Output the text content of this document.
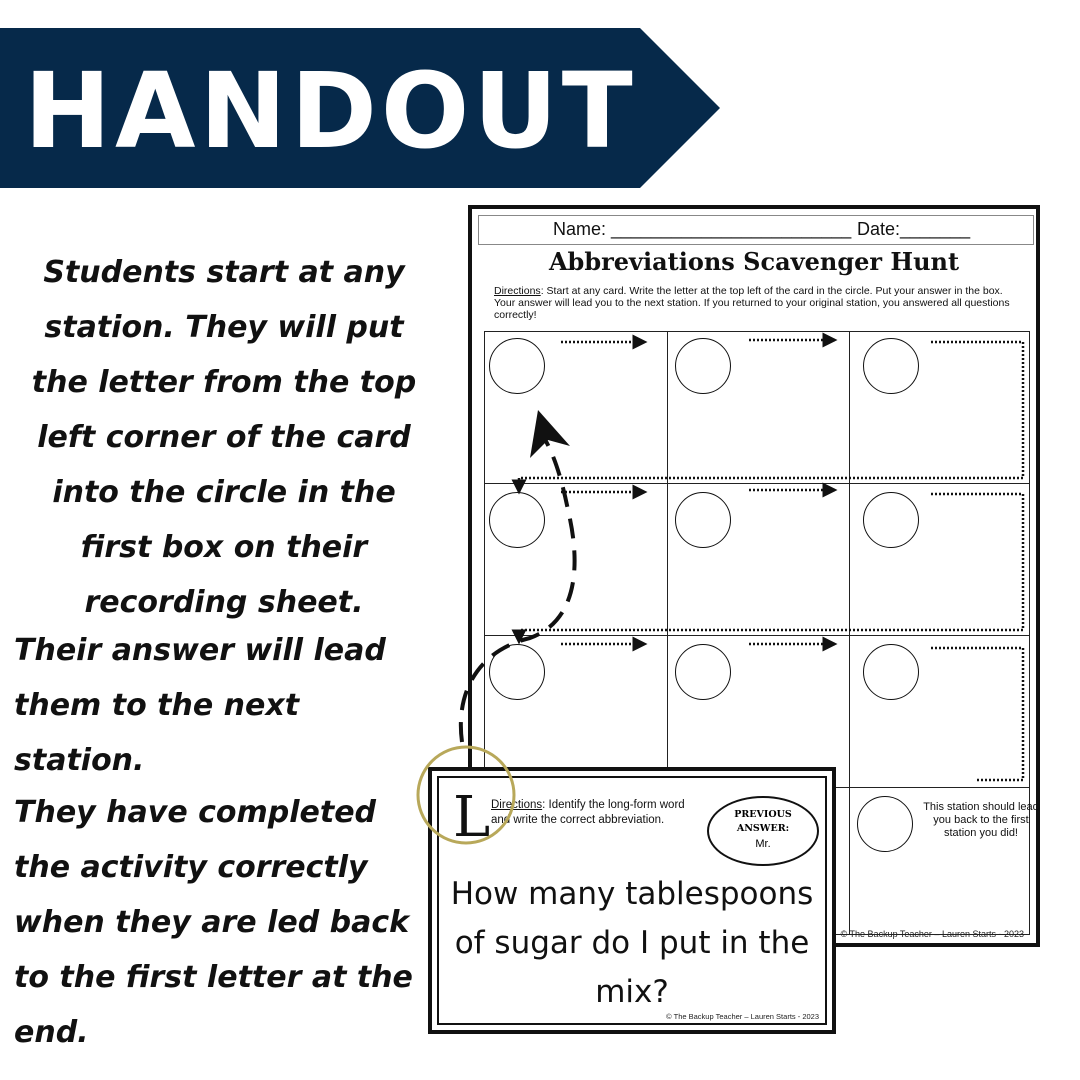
HANDOUT
Students start at any station. They will put the letter from the top left corner of the card into the circle in the first box on their recording sheet.
Their answer will lead them to the next station.
They have completed the activity correctly when they are led back to the first letter at the end.
Name: ________________________ Date:_______
Abbreviations Scavenger Hunt
Directions: Start at any card. Write the letter at the top left of the card in the circle. Put your answer in the box. Your answer will lead you to the next station. If you returned to your original station, you answered all questions correctly!
This station should lead you back to the first station you did!
© The Backup Teacher – Lauren Starts - 2023
L Directions: Identify the long-form word and write the correct abbreviation.	PREVIOUS ANSWER:
Mr.
How many tablespoons of sugar do I put in the mix?
© The Backup Teacher – Lauren Starts - 2023
